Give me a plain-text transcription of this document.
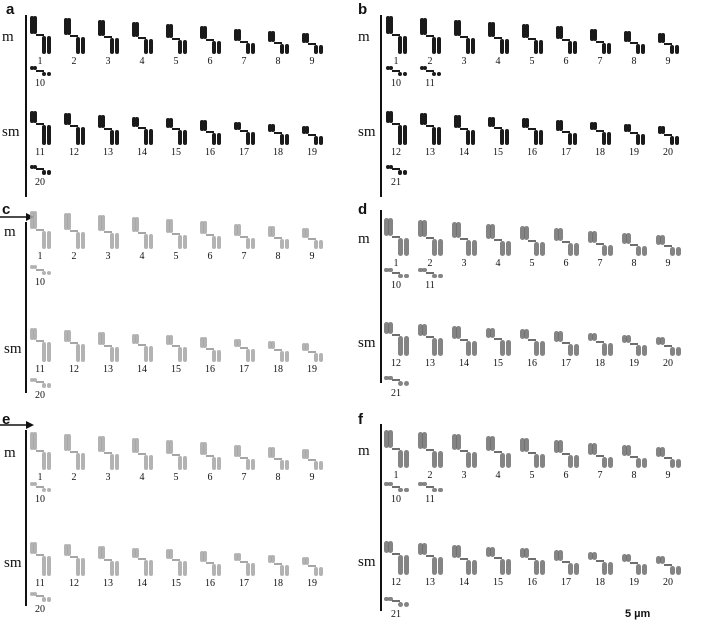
a
m
1	2	3	4	5	6	7	8	9
10
sm
11	12	13	14	15	16	17	18	19
20
b
m
1	2	3	4	5	6	7	8	9
10	11
sm
12	13	14	15	16	17	18	19	20
21
c
m
1	2	3	4	5	6	7	8	9
10
sm
11	12	13	14	15	16	17	18	19
20
d
m
1	2	3	4	5	6	7	8	9
10	11
sm
12	13	14	15	16	17	18	19	20
21
e
m
1	2	3	4	5	6	7	8	9
10
sm
11	12	13	14	15	16	17	18	19
20
f
m
1	2	3	4	5	6	7	8	9
10	11
sm
12	13	14	15	16	17	18	19	20
21	5 µm
